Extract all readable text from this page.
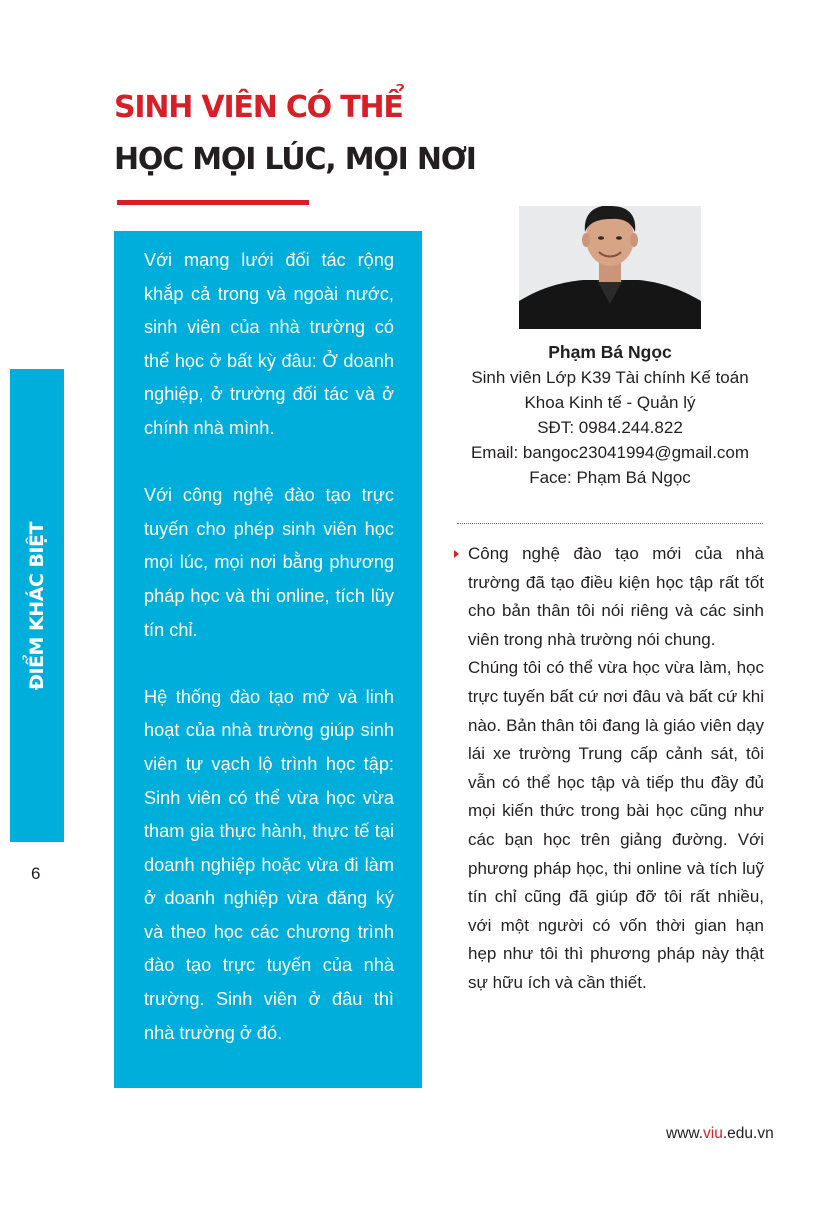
SINH VIÊN CÓ THỂ
HỌC MỌI LÚC, MỌI NƠI
ĐIỂM KHÁC BIỆT
6

Với mạng lưới đối tác rộng khắp cả trong và ngoài nước, sinh viên của nhà trường có thể học ở bất kỳ đâu: Ở doanh nghiệp, ở trường đối tác và ở chính nhà mình.

Với công nghệ đào tạo trực tuyến cho phép sinh viên học mọi lúc, mọi nơi bằng phương pháp học và thi online, tích lũy tín chỉ.

Hệ thống đào tạo mở và linh hoạt của nhà trường giúp sinh viên tự vạch lộ trình học tập: Sinh viên có thể vừa học vừa tham gia thực hành, thực tế tại doanh nghiệp hoặc vừa đi làm ở doanh nghiệp vừa đăng ký và theo học các chương trình đào tạo trực tuyến của nhà trường. Sinh viên ở đâu thì nhà trường ở đó.

Phạm Bá Ngọc
Sinh viên Lớp K39 Tài chính Kế toán
Khoa Kinh tế - Quản lý
SĐT: 0984.244.822
Email: bangoc23041994@gmail.com
Face: Phạm Bá Ngọc

Công nghệ đào tạo mới của nhà trường đã tạo điều kiện học tập rất tốt cho bản thân tôi nói riêng và các sinh viên trong nhà trường nói chung.

Chúng tôi có thể vừa học vừa làm, học trực tuyến bất cứ nơi đâu và bất cứ khi nào. Bản thân tôi đang là giáo viên dạy lái xe trường Trung cấp cảnh sát, tôi vẫn có thể học tập và tiếp thu đầy đủ mọi kiến thức trong bài học cũng như các bạn học trên giảng đường. Với phương pháp học, thi online và tích luỹ tín chỉ cũng đã giúp đỡ tôi rất nhiều, với một người có vốn thời gian hạn hẹp như tôi thì phương pháp này thật sự hữu ích và cần thiết.

www.viu.edu.vn
